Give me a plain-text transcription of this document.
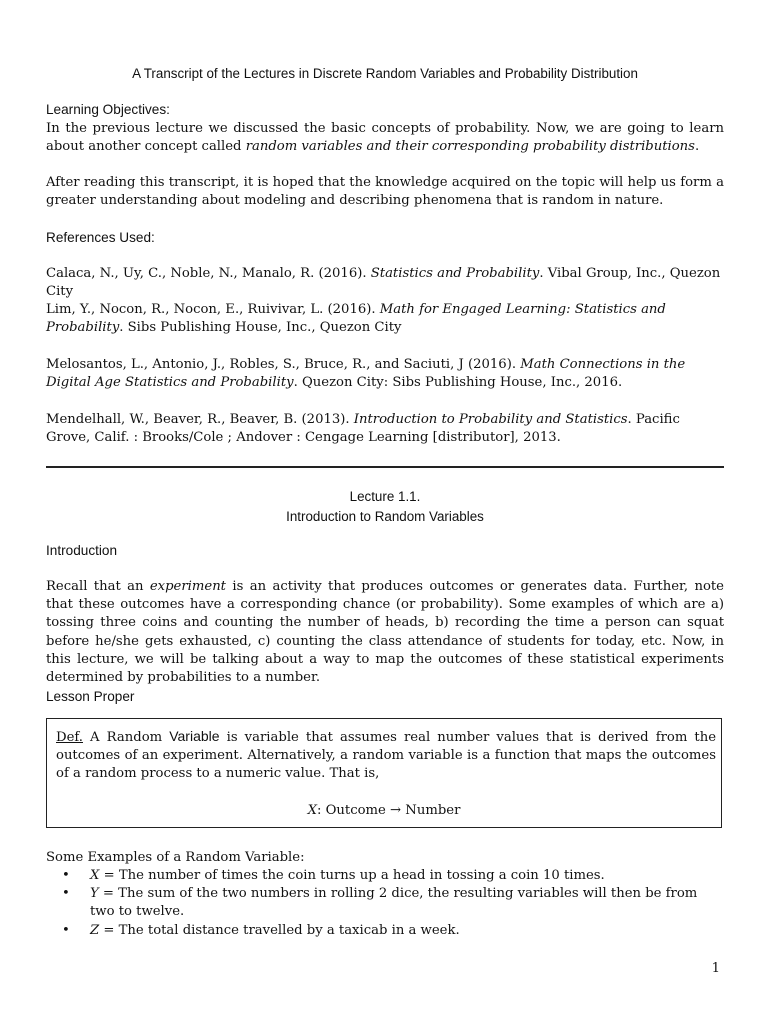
A Transcript of the Lectures in Discrete Random Variables and Probability Distribution
Learning Objectives:
In the previous lecture we discussed the basic concepts of probability. Now, we are going to learn about another concept called random variables and their corresponding probability distributions.
After reading this transcript, it is hoped that the knowledge acquired on the topic will help us form a greater understanding about modeling and describing phenomena that is random in nature.
References Used:
Calaca, N., Uy, C., Noble, N., Manalo, R. (2016). Statistics and Probability. Vibal Group, Inc., Quezon City
Lim, Y., Nocon, R., Nocon, E., Ruivivar, L. (2016). Math for Engaged Learning: Statistics and Probability. Sibs Publishing House, Inc., Quezon City
Melosantos, L., Antonio, J., Robles, S., Bruce, R., and Saciuti, J (2016). Math Connections in the Digital Age Statistics and Probability. Quezon City: Sibs Publishing House, Inc., 2016.
Mendelhall, W., Beaver, R., Beaver, B. (2013). Introduction to Probability and Statistics. Pacific Grove, Calif. : Brooks/Cole ; Andover : Cengage Learning [distributor], 2013.
Lecture 1.1.
Introduction to Random Variables
Introduction
Recall that an experiment is an activity that produces outcomes or generates data. Further, note that these outcomes have a corresponding chance (or probability). Some examples of which are a) tossing three coins and counting the number of heads, b) recording the time a person can squat before he/she gets exhausted, c) counting the class attendance of students for today, etc. Now, in this lecture, we will be talking about a way to map the outcomes of these statistical experiments determined by probabilities to a number.
Lesson Proper
Def. A Random Variable is variable that assumes real number values that is derived from the outcomes of an experiment. Alternatively, a random variable is a function that maps the outcomes of a random process to a numeric value. That is,
X: Outcome → Number
Some Examples of a Random Variable:
• X = The number of times the coin turns up a head in tossing a coin 10 times.
• Y = The sum of the two numbers in rolling 2 dice, the resulting variables will then be from two to twelve.
• Z = The total distance travelled by a taxicab in a week.
1
